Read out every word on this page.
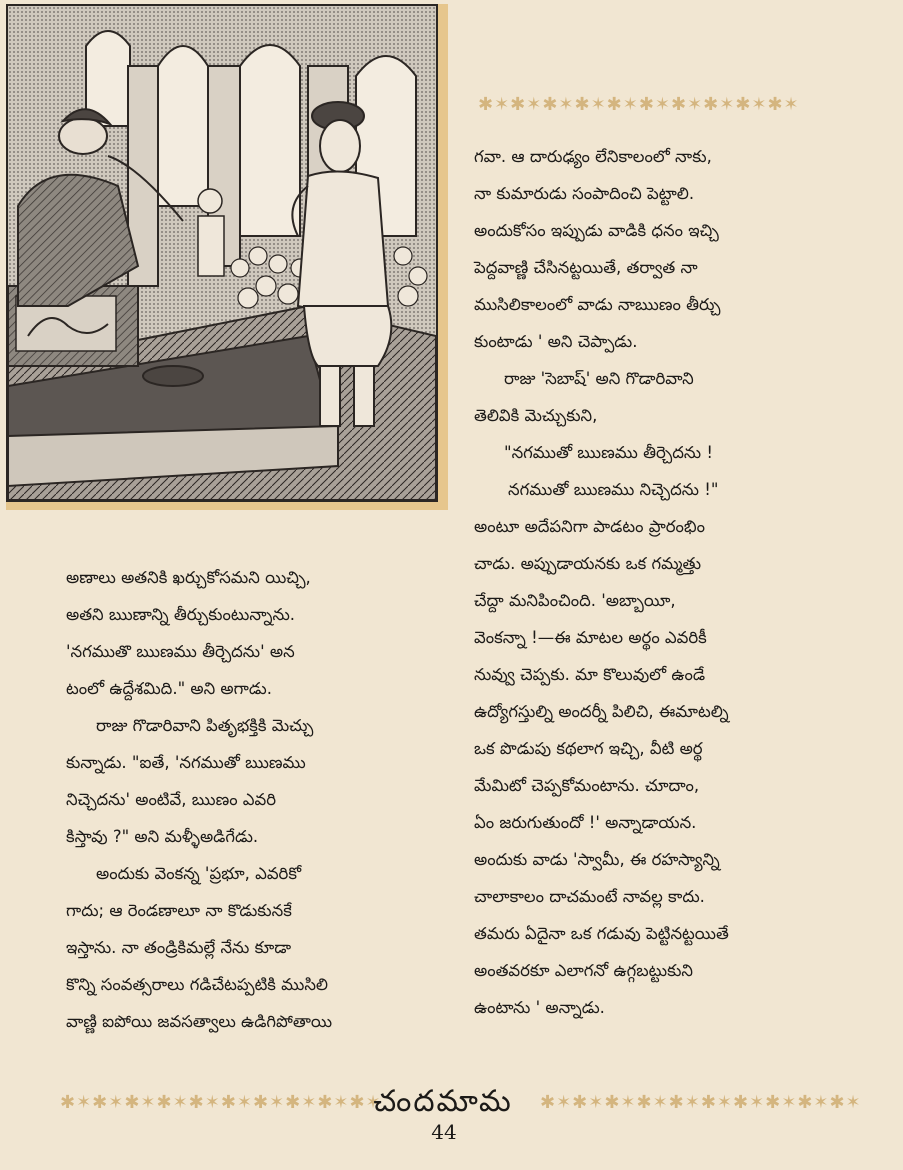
✱✶✱✶✱✶✱✶✱✶✱✶✱✶✱✶✱✶✱✶

గవా. ఆ దారుఢ్యం లేనికాలంలో నాకు,

నా కుమారుడు సంపాదించి పెట్టాలి.

అందుకోసం ఇప్పుడు వాడికి ధనం ఇచ్చి

పెద్దవాణ్ణి చేసినట్టయితే, తర్వాత నా

ముసిలికాలంలో వాడు నాఋణం తీర్చు

కుంటాడు ' అని చెప్పాడు.

రాజు 'సెబాష్' అని గొడారివాని

తెలివికి మెచ్చుకుని,

"నగముతో ఋణము తీర్చెదను !

నగముతో ఋణము నిచ్చెదను !"

అంటూ అదేపనిగా పాడటం ప్రారంభిం

చాడు. అప్పుడాయనకు ఒక గమ్మత్తు

చేద్దా మనిపించింది. 'అబ్బాయీ,

వెంకన్నా !—ఈ మాటల అర్థం ఎవరికీ

నువ్వు చెప్పకు. మా కొలువులో ఉండే

ఉద్యోగస్తుల్ని అందర్నీ పిలిచి, ఈమాటల్ని

ఒక పొడుపు కథలాగ ఇచ్చి, వీటి అర్థ

మేమిటో చెప్పకోమంటాను. చూదాం,

ఏం జరుగుతుందో !' అన్నాడాయన.

అందుకు వాడు 'స్వామీ, ఈ రహస్యాన్ని

చాలాకాలం దాచమంటే నావల్ల కాదు.

తమరు ఏదైనా ఒక గడువు పెట్టినట్టయితే

అంతవరకూ ఎలాగనో ఉగ్గబట్టుకుని

ఉంటాను ' అన్నాడు.

అణాలు అతనికి ఖర్చుకోసమని యిచ్చి,

అతని ఋణాన్ని తీర్చుకుంటున్నాను.

'నగముతొ ఋణము తీర్చెదను' అన

టంలో ఉద్దేశమిది." అని అగాడు.

రాజు గొడారివాని పితృభక్తికి మెచ్చు

కున్నాడు. "ఐతే, 'నగముతో ఋణము

నిచ్చెదను' అంటివే, ఋణం ఎవరి

కిస్తావు ?" అని మళ్ళీఅడిగేడు.

అందుకు వెంకన్న 'ప్రభూ, ఎవరికో

గాదు; ఆ రెండణాలూ నా కొడుకునకే

ఇస్తాను. నా తండ్రికిమల్లే నేను కూడా

కొన్ని సంవత్సరాలు గడిచేటప్పటికి ముసిలి

వాణ్ణి ఐపోయి జవసత్వాలు ఉడిగిపోతాయి

✱✶✱✶✱✶✱✶✱✶✱✶✱✶✱✶✱✶✱✶	✱✶✱✶✱✶✱✶✱✶✱✶✱✶✱✶✱✶✱✶
చందమామ
44
